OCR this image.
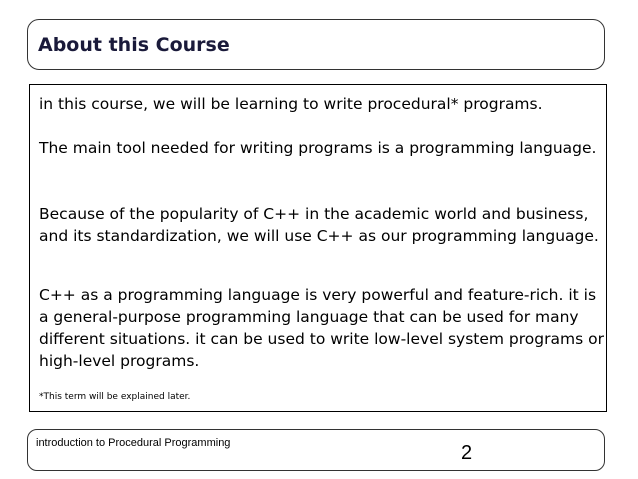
About this Course

in this course, we will be learning to write procedural* programs.

The main tool needed for writing programs is a programming language.

Because of the popularity of C++ in the academic world and business, and its standardization, we will use C++ as our programming language.

C++ as a programming language is very powerful and feature-rich. it is a general-purpose programming language that can be used for many different situations. it can be used to write low-level system programs or high-level programs.

*This term will be explained later.
introduction to Procedural Programming	2
